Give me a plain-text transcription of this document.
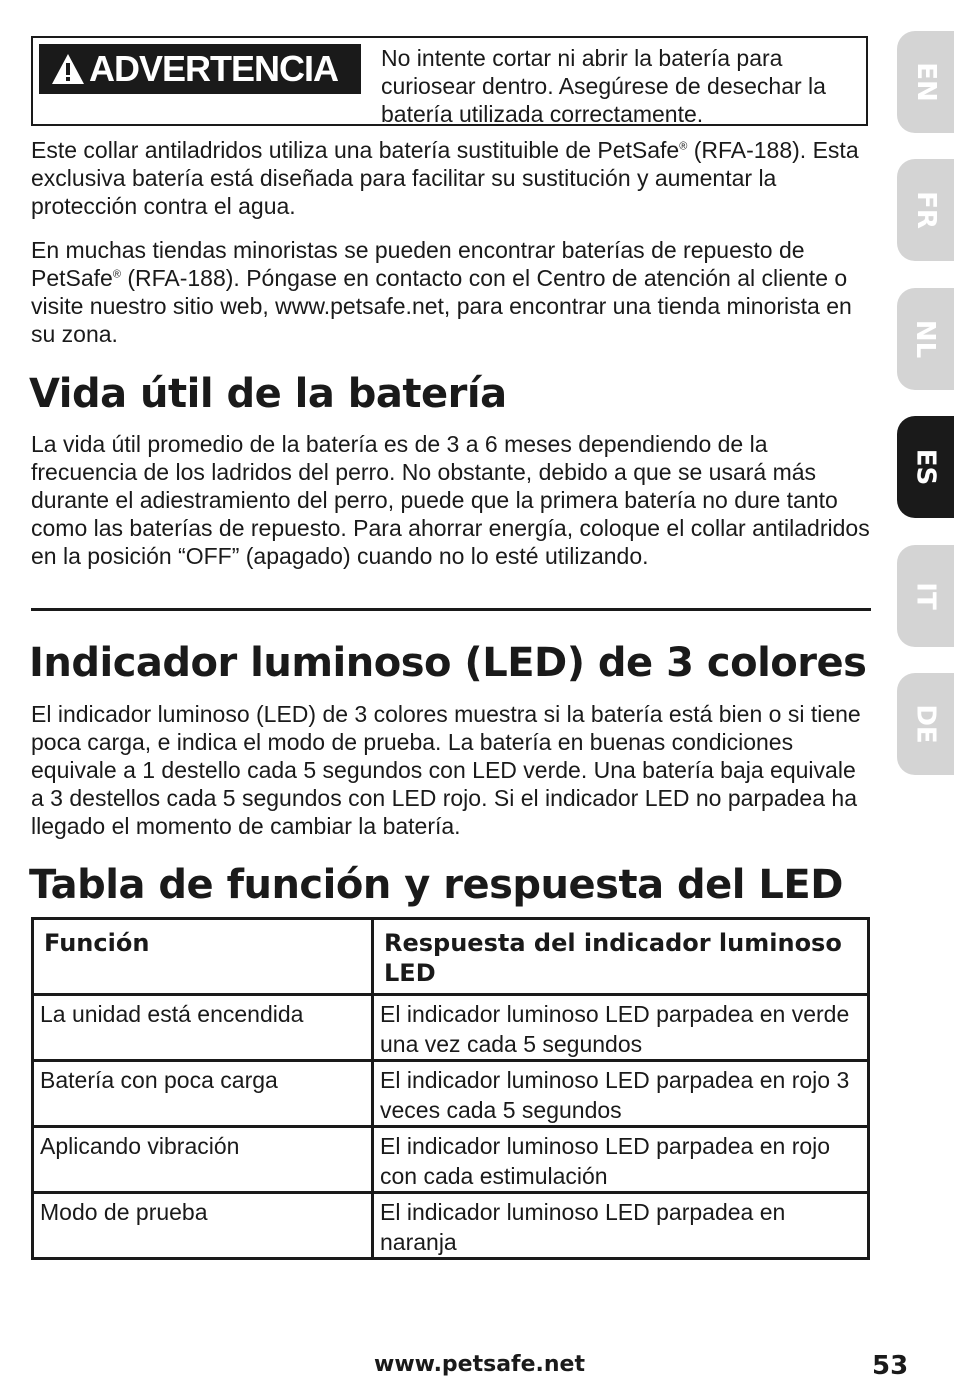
ADVERTENCIA No intente cortar ni abrir la batería para curiosear dentro. Asegúrese de desechar la batería utilizada correctamente.

Este collar antiladridos utiliza una batería sustituible de PetSafe® (RFA-188). Esta exclusiva batería está diseñada para facilitar su sustitución y aumentar la protección contra el agua.

En muchas tiendas minoristas se pueden encontrar baterías de repuesto de PetSafe® (RFA-188). Póngase en contacto con el Centro de atención al cliente o visite nuestro sitio web, www.petsafe.net, para encontrar una tienda minorista en su zona.

Vida útil de la batería

La vida útil promedio de la batería es de 3 a 6 meses dependiendo de la frecuencia de los ladridos del perro. No obstante, debido a que se usará más durante el adiestramiento del perro, puede que la primera batería no dure tanto como las baterías de repuesto. Para ahorrar energía, coloque el collar antiladridos en la posición “OFF” (apagado) cuando no lo esté utilizando.

Indicador luminoso (LED) de 3 colores

El indicador luminoso (LED) de 3 colores muestra si la batería está bien o si tiene poca carga, e indica el modo de prueba. La batería en buenas condiciones equivale a 1 destello cada 5 segundos con LED verde. Una batería baja equivale a 3 destellos cada 5 segundos con LED rojo. Si el indicador LED no parpadea ha llegado el momento de cambiar la batería.

Tabla de función y respuesta del LED
Función	Respuesta del indicador luminoso LED
La unidad está encendida	El indicador luminoso LED parpadea en verde una vez cada 5 segundos
Batería con poca carga	El indicador luminoso LED parpadea en rojo 3 veces cada 5 segundos
Aplicando vibración	El indicador luminoso LED parpadea en rojo con cada estimulación
Modo de prueba	El indicador luminoso LED parpadea en naranja
EN
FR
NL
ES
IT
DE
www.petsafe.net	53
